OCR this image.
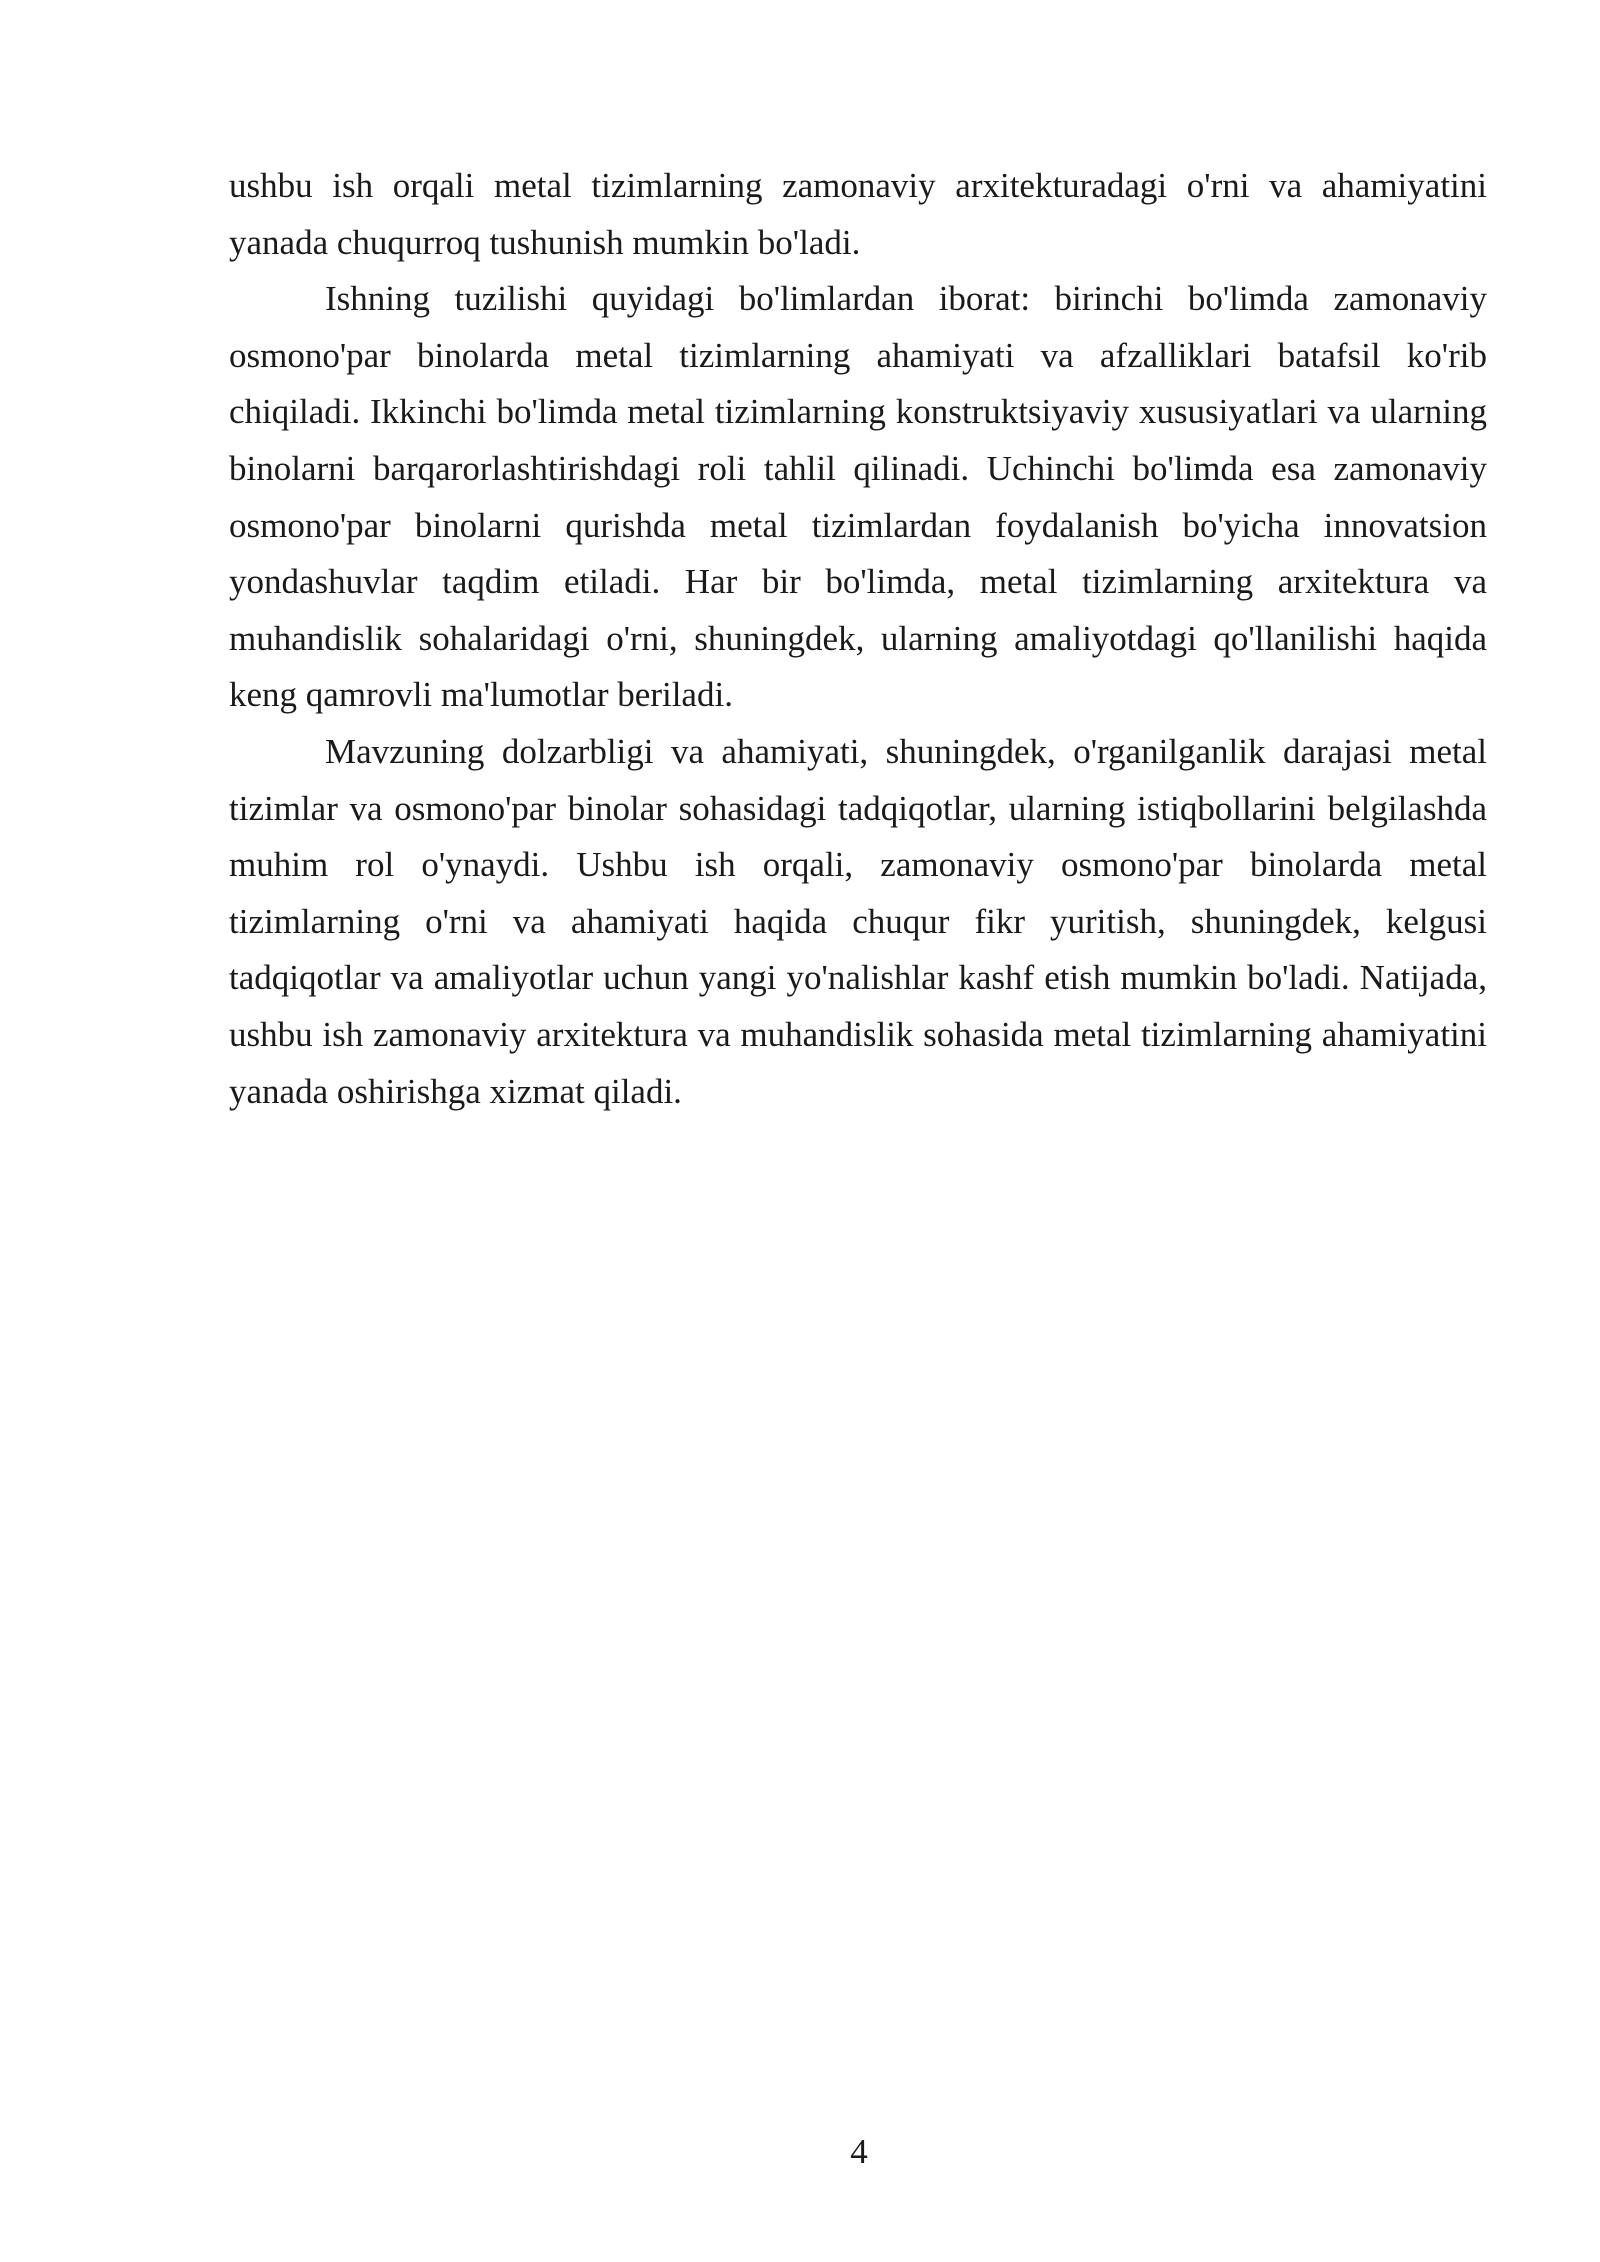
ushbu ish orqali metal tizimlarning zamonaviy arxitekturadagi o'rni va ahamiyatini yanada chuqurroq tushunish mumkin bo'ladi.

Ishning tuzilishi quyidagi bo'limlardan iborat: birinchi bo'limda zamonaviy osmono'par binolarda metal tizimlarning ahamiyati va afzalliklari batafsil ko'rib chiqiladi. Ikkinchi bo'limda metal tizimlarning konstruktsiyaviy xususiyatlari va ularning binolarni barqarorlashtirishdagi roli tahlil qilinadi. Uchinchi bo'limda esa zamonaviy osmono'par binolarni qurishda metal tizimlardan foydalanish bo'yicha innovatsion yondashuvlar taqdim etiladi. Har bir bo'limda, metal tizimlarning arxitektura va muhandislik sohalaridagi o'rni, shuningdek, ularning amaliyotdagi qo'llanilishi haqida keng qamrovli ma'lumotlar beriladi.

Mavzuning dolzarbligi va ahamiyati, shuningdek, o'rganilganlik darajasi metal tizimlar va osmono'par binolar sohasidagi tadqiqotlar, ularning istiqbollarini belgilashda muhim rol o'ynaydi. Ushbu ish orqali, zamonaviy osmono'par binolarda metal tizimlarning o'rni va ahamiyati haqida chuqur fikr yuritish, shuningdek, kelgusi tadqiqotlar va amaliyotlar uchun yangi yo'nalishlar kashf etish mumkin bo'ladi. Natijada, ushbu ish zamonaviy arxitektura va muhandislik sohasida metal tizimlarning ahamiyatini yanada oshirishga xizmat qiladi.

4
